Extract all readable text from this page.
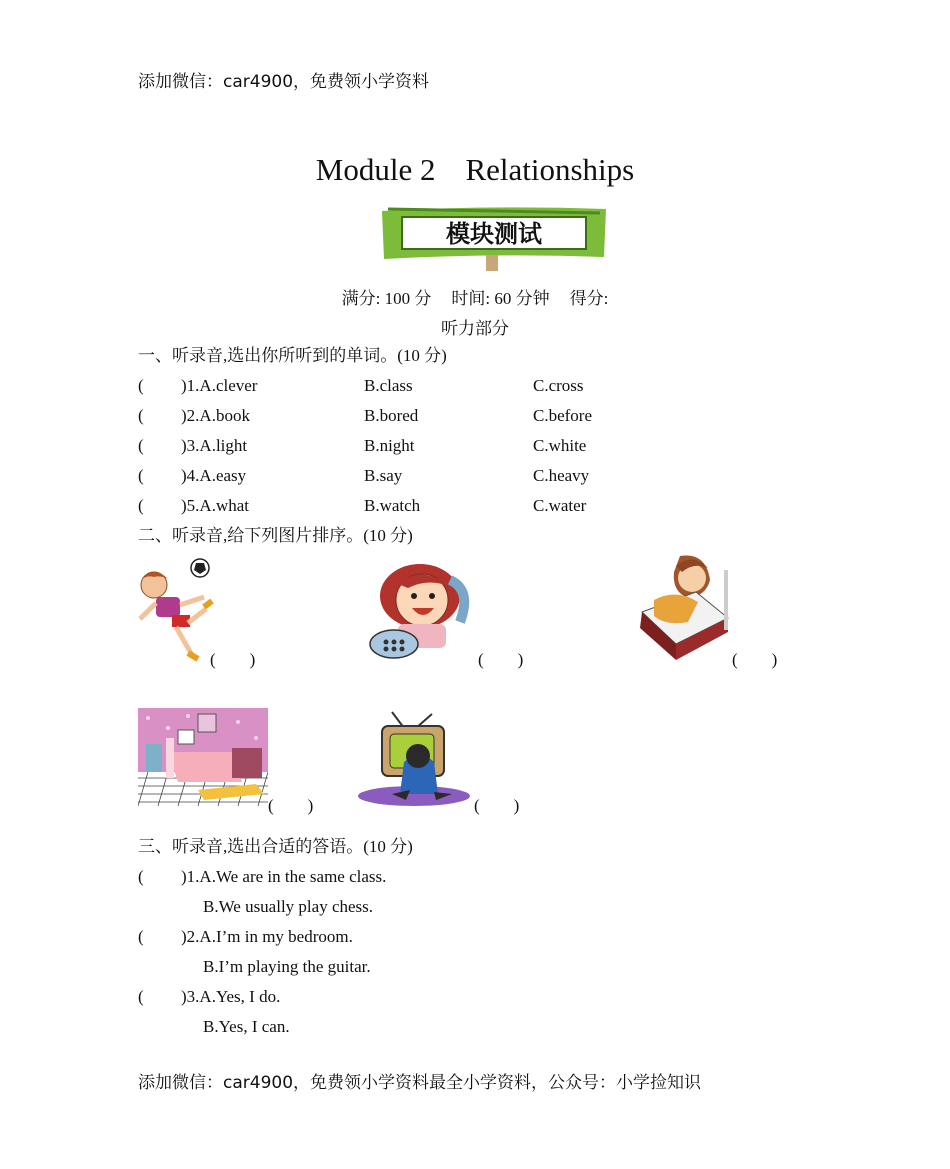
添加微信：car4900，免费领小学资料
Module 2 Relationships
模块测试
满分: 100 分 时间: 60 分钟 得分:
听力部分
一、听录音,选出你所听到的单词。(10 分)
( )1.A.clever	B.class	C.cross
( )2.A.book	B.bored	C.before
( )3.A.light	B.night	C.white
( )4.A.easy	B.say	C.heavy
( )5.A.what	B.watch	C.water
二、听录音,给下列图片排序。(10 分)
(　　)	(　　)	(　　)
(　　)	(　　)
三、听录音,选出合适的答语。(10 分)
( )1.A.We are in the same class.
B.We usually play chess.
( )2.A.I’m in my bedroom.
B.I’m playing the guitar.
( )3.A.Yes, I do.
B.Yes, I can.
添加微信：car4900，免费领小学资料最全小学资料，公众号：小学捡知识
